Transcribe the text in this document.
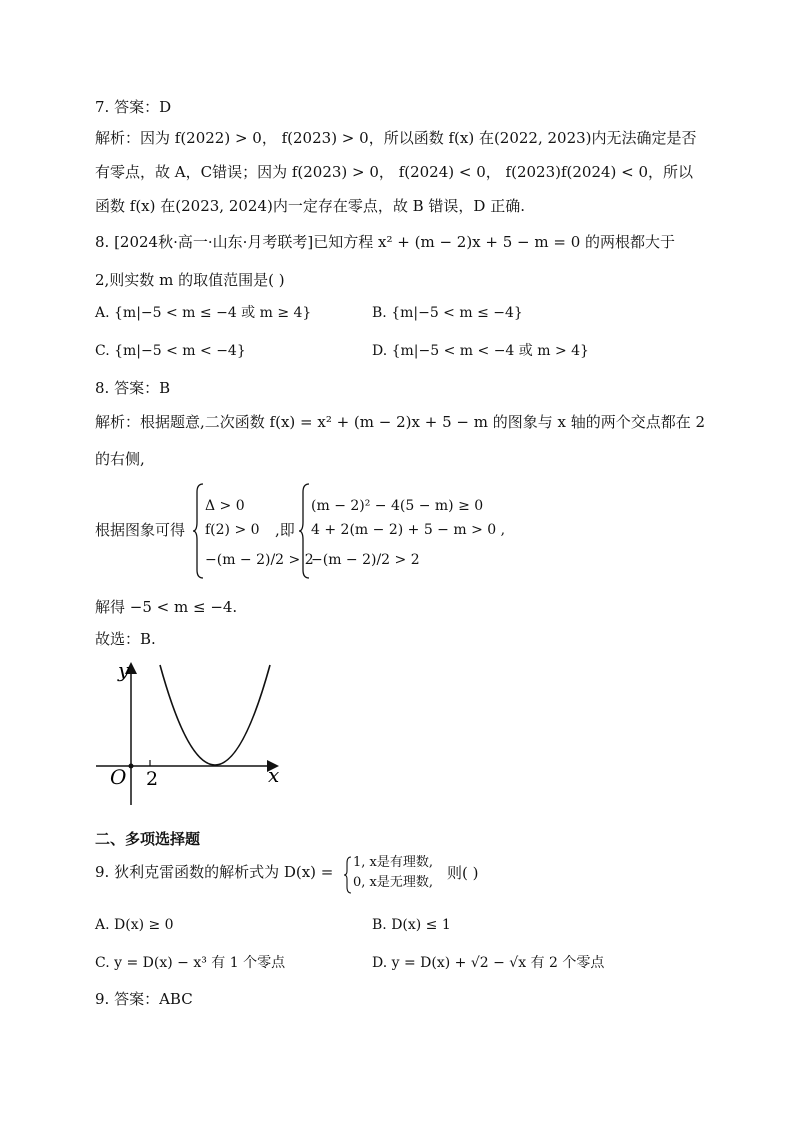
7. 答案：D
解析：因为 f(2022) > 0， f(2023) > 0，所以函数 f(x) 在(2022, 2023)内无法确定是否
有零点，故 A，C错误；因为 f(2023) > 0， f(2024) < 0， f(2023)f(2024) < 0，所以
函数 f(x) 在(2023, 2024)内一定存在零点，故 B 错误，D 正确.
8. [2024秋·高一·山东·月考联考]已知方程 x² + (m − 2)x + 5 − m = 0 的两根都大于
2,则实数 m 的取值范围是( )
A. {m|−5 < m ≤ −4 或 m ≥ 4}	B. {m|−5 < m ≤ −4}
C. {m|−5 < m < −4}	D. {m|−5 < m < −4 或 m > 4}
8. 答案：B
解析：根据题意,二次函数 f(x) = x² + (m − 2)x + 5 − m 的图象与 x 轴的两个交点都在 2
的右侧,
根据图象可得
Δ > 0
f(2) > 0
−(m − 2)/2 > 2
,即
(m − 2)² − 4(5 − m) ≥ 0
4 + 2(m − 2) + 5 − m > 0 ,
−(m − 2)/2 > 2
解得 −5 < m ≤ −4.
故选：B.
y
x
O 2
二、多项选择题
9. 狄利克雷函数的解析式为 D(x) =
1, x是有理数,
0, x是无理数,
则( )
A. D(x) ≥ 0	B. D(x) ≤ 1
C. y = D(x) − x³ 有 1 个零点	D. y = D(x) + √2 − √x 有 2 个零点
9. 答案：ABC
